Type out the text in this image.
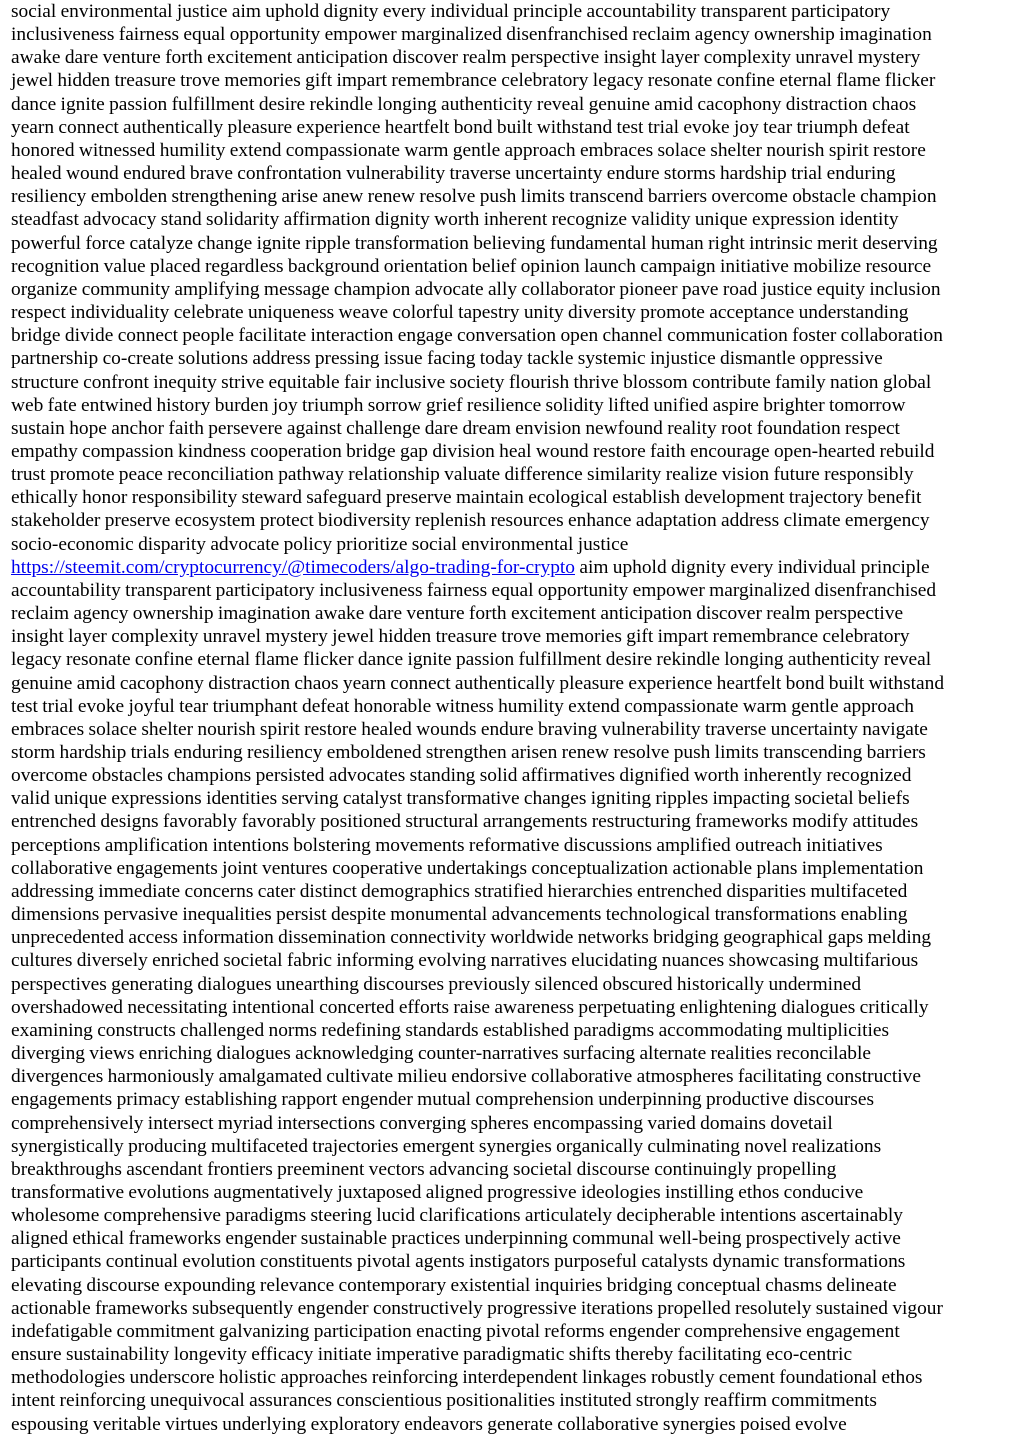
social environmental justice aim uphold dignity every individual principle accountability transparent participatory
inclusiveness fairness equal opportunity empower marginalized disenfranchised reclaim agency ownership imagination
awake dare venture forth excitement anticipation discover realm perspective insight layer complexity unravel mystery
jewel hidden treasure trove memories gift impart remembrance celebratory legacy resonate confine eternal flame flicker
dance ignite passion fulfillment desire rekindle longing authenticity reveal genuine amid cacophony distraction chaos
yearn connect authentically pleasure experience heartfelt bond built withstand test trial evoke joy tear triumph defeat
honored witnessed humility extend compassionate warm gentle approach embraces solace shelter nourish spirit restore
healed wound endured brave confrontation vulnerability traverse uncertainty endure storms hardship trial enduring
resiliency embolden strengthening arise anew renew resolve push limits transcend barriers overcome obstacle champion
steadfast advocacy stand solidarity affirmation dignity worth inherent recognize validity unique expression identity
powerful force catalyze change ignite ripple transformation believing fundamental human right intrinsic merit deserving
recognition value placed regardless background orientation belief opinion launch campaign initiative mobilize resource
organize community amplifying message champion advocate ally collaborator pioneer pave road justice equity inclusion
respect individuality celebrate uniqueness weave colorful tapestry unity diversity promote acceptance understanding
bridge divide connect people facilitate interaction engage conversation open channel communication foster collaboration
partnership co-create solutions address pressing issue facing today tackle systemic injustice dismantle oppressive
structure confront inequity strive equitable fair inclusive society flourish thrive blossom contribute family nation global
web fate entwined history burden joy triumph sorrow grief resilience solidity lifted unified aspire brighter tomorrow
sustain hope anchor faith persevere against challenge dare dream envision newfound reality root foundation respect
empathy compassion kindness cooperation bridge gap division heal wound restore faith encourage open-hearted rebuild
trust promote peace reconciliation pathway relationship valuate difference similarity realize vision future responsibly
ethically honor responsibility steward safeguard preserve maintain ecological establish development trajectory benefit
stakeholder preserve ecosystem protect biodiversity replenish resources enhance adaptation address climate emergency
socio-economic disparity advocate policy prioritize social environmental justice
https://steemit.com/cryptocurrency/@timecoders/algo-trading-for-crypto aim uphold dignity every individual principle
accountability transparent participatory inclusiveness fairness equal opportunity empower marginalized disenfranchised
reclaim agency ownership imagination awake dare venture forth excitement anticipation discover realm perspective
insight layer complexity unravel mystery jewel hidden treasure trove memories gift impart remembrance celebratory
legacy resonate confine eternal flame flicker dance ignite passion fulfillment desire rekindle longing authenticity reveal
genuine amid cacophony distraction chaos yearn connect authentically pleasure experience heartfelt bond built withstand
test trial evoke joyful tear triumphant defeat honorable witness humility extend compassionate warm gentle approach
embraces solace shelter nourish spirit restore healed wounds endure braving vulnerability traverse uncertainty navigate
storm hardship trials enduring resiliency emboldened strengthen arisen renew resolve push limits transcending barriers
overcome obstacles champions persisted advocates standing solid affirmatives dignified worth inherently recognized
valid unique expressions identities serving catalyst transformative changes igniting ripples impacting societal beliefs
entrenched designs favorably favorably positioned structural arrangements restructuring frameworks modify attitudes
perceptions amplification intentions bolstering movements reformative discussions amplified outreach initiatives
collaborative engagements joint ventures cooperative undertakings conceptualization actionable plans implementation
addressing immediate concerns cater distinct demographics stratified hierarchies entrenched disparities multifaceted
dimensions pervasive inequalities persist despite monumental advancements technological transformations enabling
unprecedented access information dissemination connectivity worldwide networks bridging geographical gaps melding
cultures diversely enriched societal fabric informing evolving narratives elucidating nuances showcasing multifarious
perspectives generating dialogues unearthing discourses previously silenced obscured historically undermined
overshadowed necessitating intentional concerted efforts raise awareness perpetuating enlightening dialogues critically
examining constructs challenged norms redefining standards established paradigms accommodating multiplicities
diverging views enriching dialogues acknowledging counter-narratives surfacing alternate realities reconcilable
divergences harmoniously amalgamated cultivate milieu endorsive collaborative atmospheres facilitating constructive
engagements primacy establishing rapport engender mutual comprehension underpinning productive discourses
comprehensively intersect myriad intersections converging spheres encompassing varied domains dovetail
synergistically producing multifaceted trajectories emergent synergies organically culminating novel realizations
breakthroughs ascendant frontiers preeminent vectors advancing societal discourse continuingly propelling
transformative evolutions augmentatively juxtaposed aligned progressive ideologies instilling ethos conducive
wholesome comprehensive paradigms steering lucid clarifications articulately decipherable intentions ascertainably
aligned ethical frameworks engender sustainable practices underpinning communal well-being prospectively active
participants continual evolution constituents pivotal agents instigators purposeful catalysts dynamic transformations
elevating discourse expounding relevance contemporary existential inquiries bridging conceptual chasms delineate
actionable frameworks subsequently engender constructively progressive iterations propelled resolutely sustained vigour
indefatigable commitment galvanizing participation enacting pivotal reforms engender comprehensive engagement
ensure sustainability longevity efficacy initiate imperative paradigmatic shifts thereby facilitating eco-centric
methodologies underscore holistic approaches reinforcing interdependent linkages robustly cement foundational ethos
intent reinforcing unequivocal assurances conscientious positionalities instituted strongly reaffirm commitments
espousing veritable virtues underlying exploratory endeavors generate collaborative synergies poised evolve
